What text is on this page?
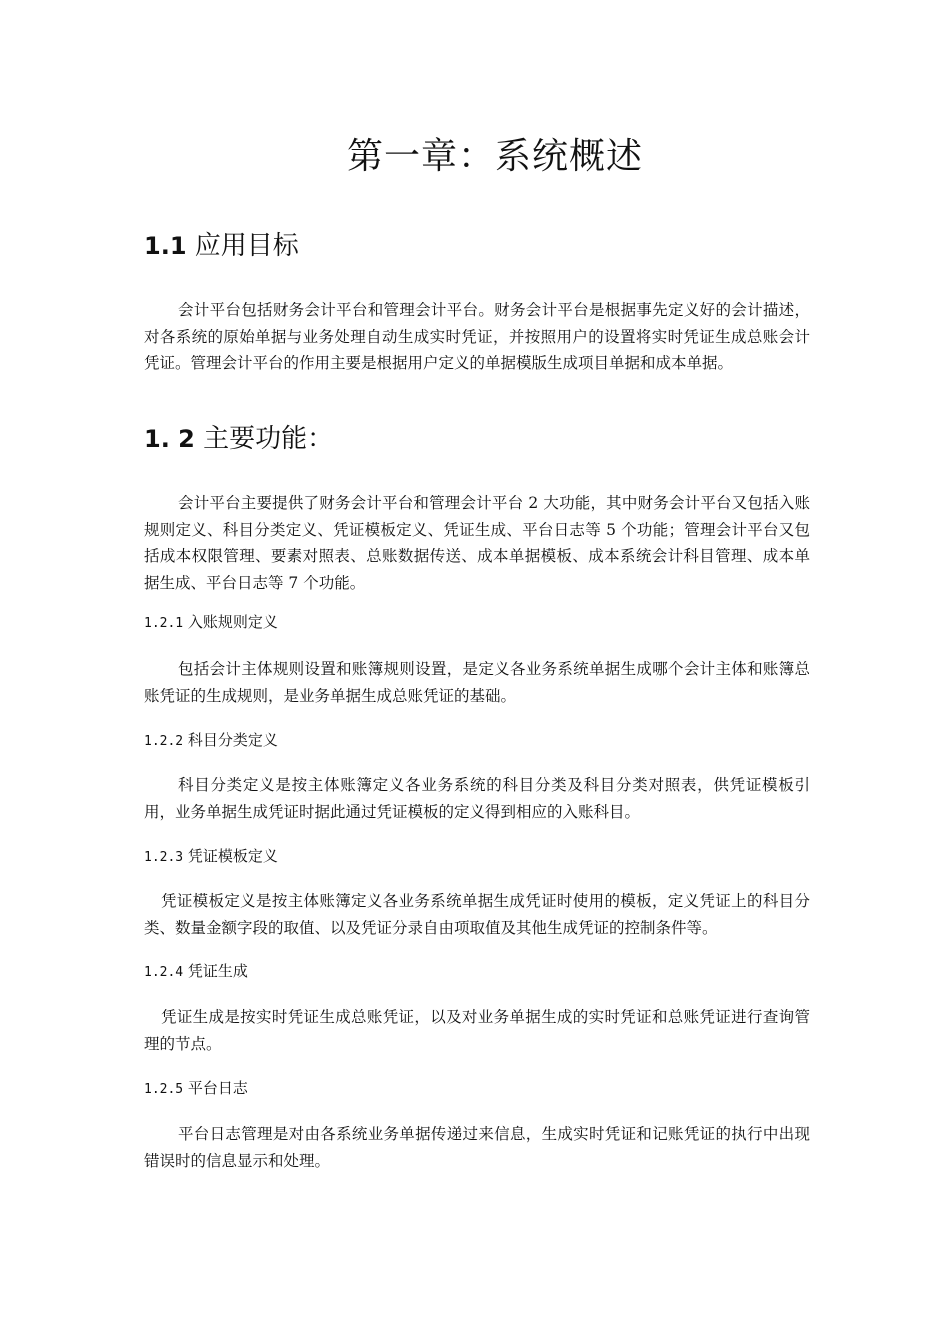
第一章：系统概述
1.1 应用目标

会计平台包括财务会计平台和管理会计平台。财务会计平台是根据事先定义好的会计描述，对各系统的原始单据与业务处理自动生成实时凭证，并按照用户的设置将实时凭证生成总账会计凭证。管理会计平台的作用主要是根据用户定义的单据模版生成项目单据和成本单据。

1. 2 主要功能：

会计平台主要提供了财务会计平台和管理会计平台 2 大功能，其中财务会计平台又包括入账规则定义、科目分类定义、凭证模板定义、凭证生成、平台日志等 5 个功能；管理会计平台又包括成本权限管理、要素对照表、总账数据传送、成本单据模板、成本系统会计科目管理、成本单据生成、平台日志等 7 个功能。

1.2.1 入账规则定义

包括会计主体规则设置和账簿规则设置，是定义各业务系统单据生成哪个会计主体和账簿总账凭证的生成规则，是业务单据生成总账凭证的基础。

1.2.2 科目分类定义

科目分类定义是按主体账簿定义各业务系统的科目分类及科目分类对照表，供凭证模板引用，业务单据生成凭证时据此通过凭证模板的定义得到相应的入账科目。

1.2.3 凭证模板定义

凭证模板定义是按主体账簿定义各业务系统单据生成凭证时使用的模板，定义凭证上的科目分类、数量金额字段的取值、以及凭证分录自由项取值及其他生成凭证的控制条件等。

1.2.4 凭证生成

凭证生成是按实时凭证生成总账凭证，以及对业务单据生成的实时凭证和总账凭证进行查询管理的节点。

1.2.5 平台日志

平台日志管理是对由各系统业务单据传递过来信息，生成实时凭证和记账凭证的执行中出现错误时的信息显示和处理。
